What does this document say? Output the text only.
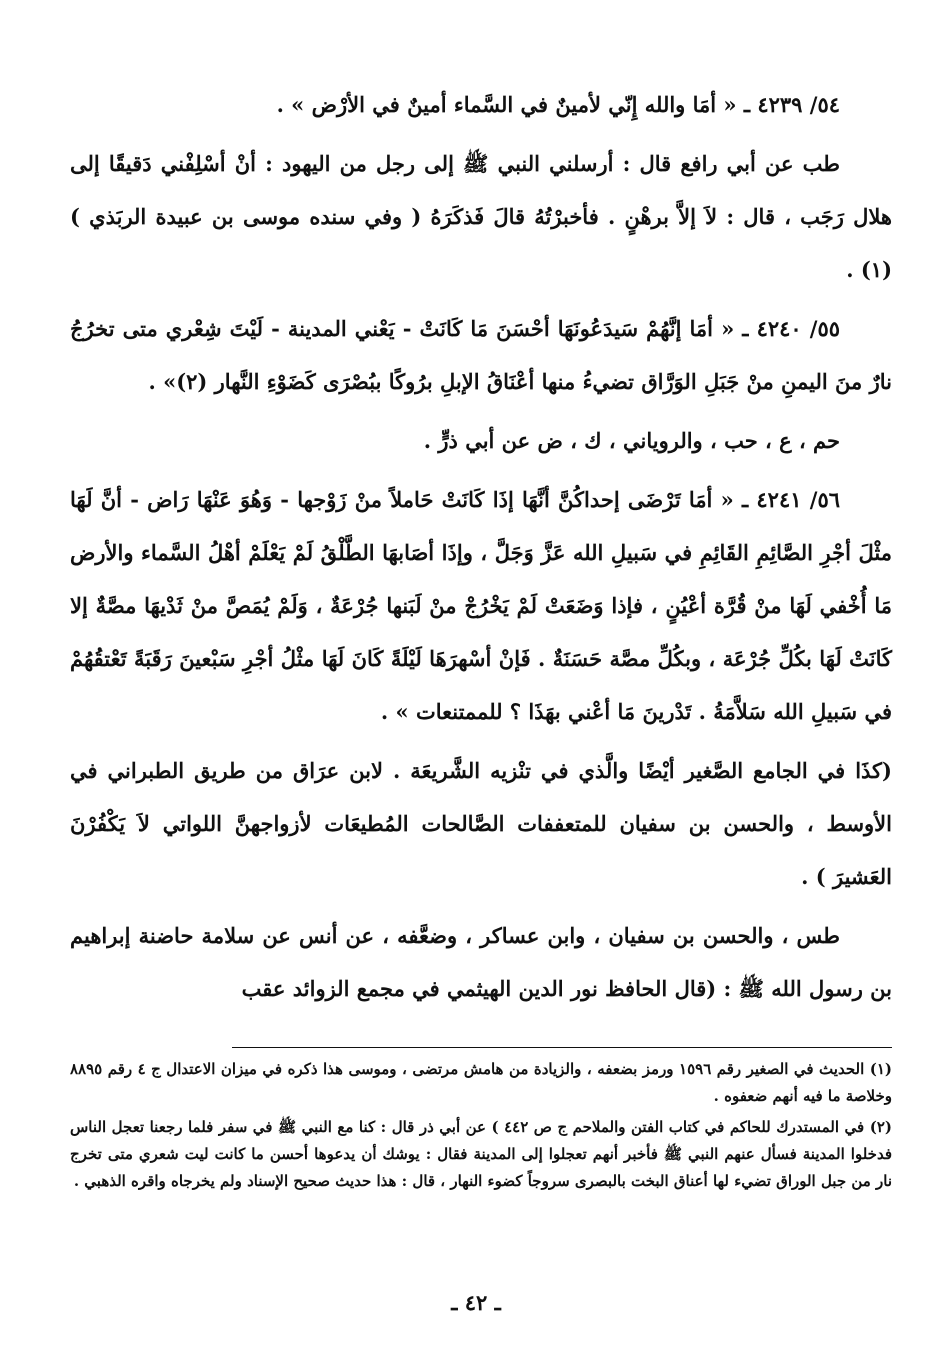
٥٤/ ٤٢٣٩ ـ « أمَا والله إِنّي لأمينٌ في السَّماء أمينٌ في الأرْض » .

طب عن أبي رافع قال : أرسلني النبي ﷺ إلى رجل من اليهود : أنْ أسْلِفْني دَقيقًا إلى هلال رَجَب ، قال : لاَ إلاَّ برهْنٍ . فأخبرْتُهُ قالَ فَذكَرَهُ ( وفي سنده موسى بن عبيدة الربَذي ) (١) .

٥٥/ ٤٢٤٠ ـ « أمَا إنَّهُمْ سَيدَعُونَهَا أحْسَنَ مَا كَانَتْ - يَعْني المدينة - لَيْتَ شِعْري متى تخرُجُ نارٌ منَ اليمنِ منْ جَبَلِ الوَرَّاق تضيءُ منها أعْنَاقُ الإبلِ برُوكًا ببُصْرَى كَضَوْءِ النَّهار (٢)» .

حم ، ع ، حب ، والروياني ، ك ، ض عن أبي ذرٍّ .

٥٦/ ٤٢٤١ ـ « أمَا تَرْضَى إحداكُنَّ أنَّهَا إذَا كَانَتْ حَاملاً منْ زَوْجها - وَهُوَ عَنْهَا رَاض - أنَّ لَهَا مثْلَ أجْرِ الصَّائِمِ القَائِمِ في سَبيلِ الله عَزَّ وَجَلَّ ، وإذَا أصَابهَا الطَّلْقُ لَمْ يَعْلَمْ أهْلُ السَّماء والأرض مَا أُخْفي لَهَا منْ قُرَّة أعْيُنٍ ، فإذا وَضَعَتْ لَمْ يَخْرُجْ منْ لَبَنها جُرْعَةٌ ، وَلَمْ يُمَصَّ منْ ثَدْيهَا مصَّةٌ إلا كَانَتْ لَهَا بكُلِّ جُرْعَة ، وبكُلِّ مصَّة حَسَنَةٌ . فَإنْ أسْهرَهَا لَيْلَةً كَانَ لَهَا مثْلُ أجْرِ سَبْعينَ رَقَبَةً تَعْتقُهُمْ في سَبيلِ الله سَلاَّمَةُ . تَدْرينَ مَا أعْني بهَذَا ؟ للممتنعات » .

(كذَا في الجامع الصَّغير أيْضًا والَّذي في تنْزيه الشَّريعَة . لابن عرَاق من طريق الطبراني في الأوسط ، والحسن بن سفيان للمتعففات الصَّالحات المُطيعَات لأزواجهنَّ اللواتي لاَ يَكْفُرْنَ العَشيرَ ) .

طس ، والحسن بن سفيان ، وابن عساكر ، وضعَّفه ، عن أنس عن سلامة حاضنة إبراهيم بن رسول الله ﷺ : (قال الحافظ نور الدين الهيثمي في مجمع الزوائد عقب

(١) الحديث في الصغير رقم ١٥٩٦ ورمز بضعفه ، والزيادة من هامش مرتضى ، وموسى هذا ذكره في ميزان الاعتدال ج ٤ رقم ٨٨٩٥ وخلاصة ما فيه أنهم ضعفوه .

(٢) في المستدرك للحاكم في كتاب الفتن والملاحم ج ص ٤٤٢ ) عن أبي ذر قال : كنا مع النبي ﷺ في سفر فلما رجعنا تعجل الناس فدخلوا المدينة فسأل عنهم النبي ﷺ فأخبر أنهم تعجلوا إلى المدينة فقال : يوشك أن يدعوها أحسن ما كانت ليت شعري متى تخرج نار من جبل الوراق تضيء لها أعناق البخت بالبصرى سروجاً كضوء النهار ، قال : هذا حديث صحيح الإسناد ولم يخرجاه واقره الذهبي .

ـ ٤٢ ـ
